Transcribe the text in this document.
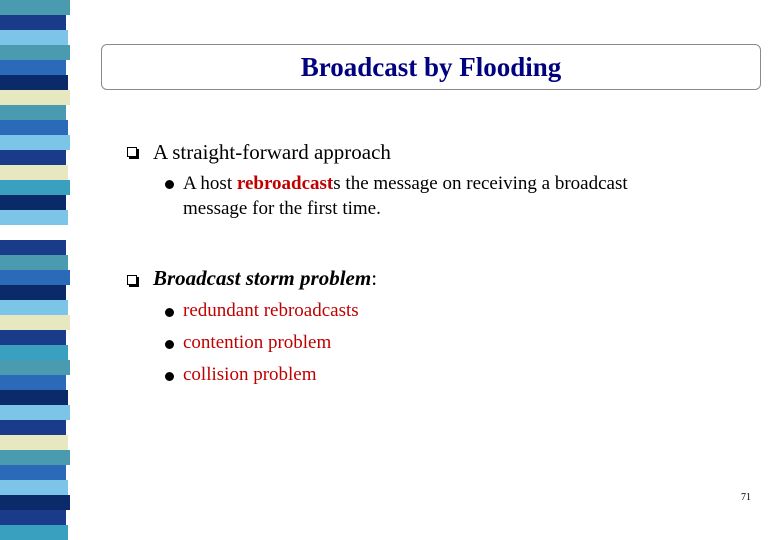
Broadcast by Flooding
A straight-forward approach
A host rebroadcasts the message on receiving a broadcast
message for the first time.
Broadcast storm problem:
redundant rebroadcasts
contention problem
collision problem
71
